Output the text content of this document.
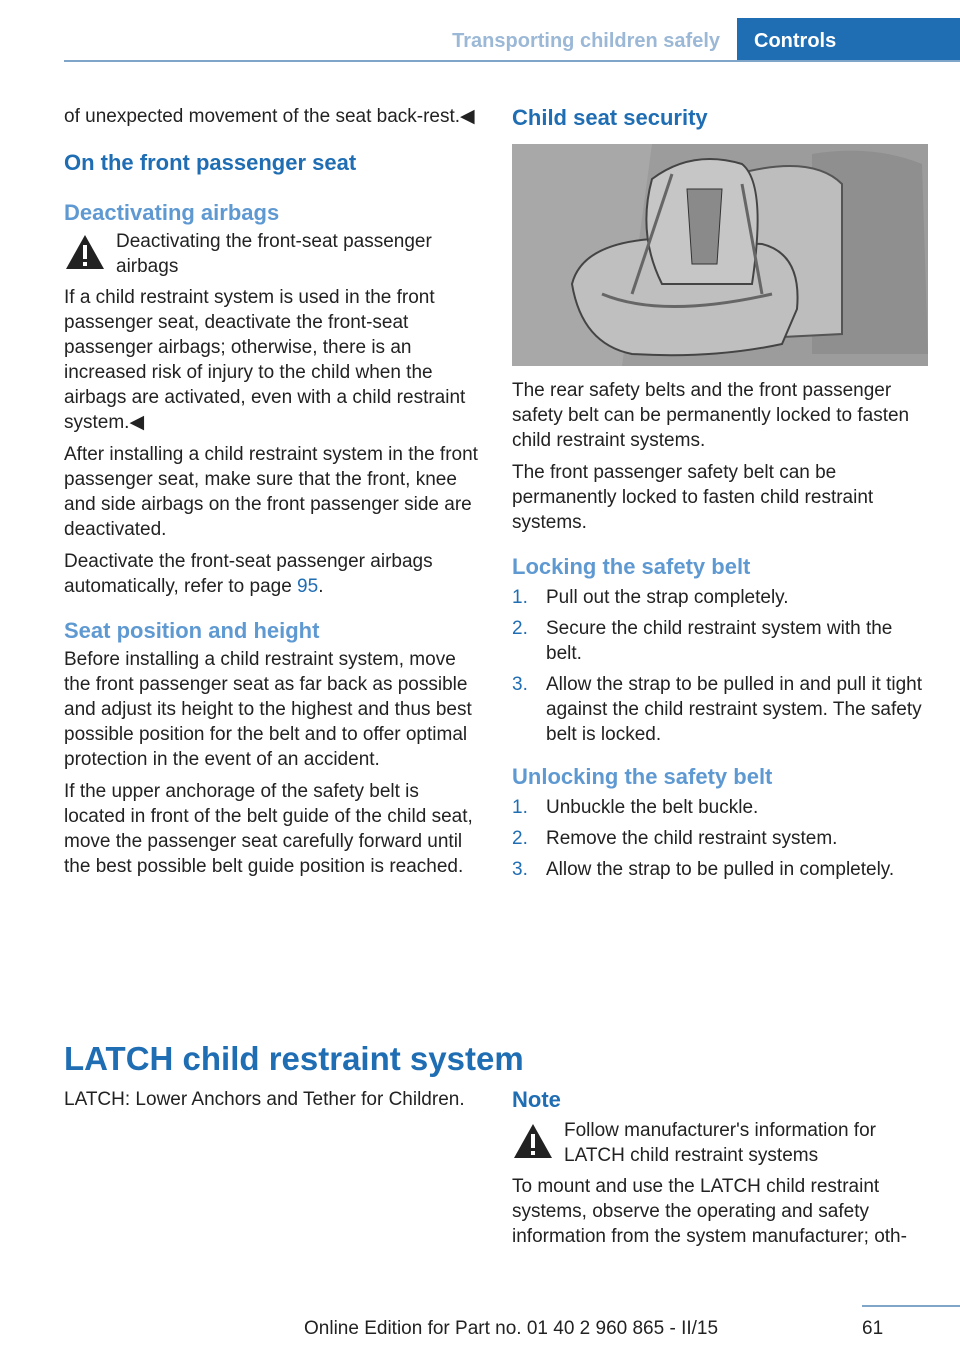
Transporting children safely	Controls

of unexpected movement of the seat back-rest.◀

On the front passenger seat
Deactivating airbags
Deactivating the front-seat passenger airbags

If a child restraint system is used in the front passenger seat, deactivate the front-seat passenger airbags; otherwise, there is an increased risk of injury to the child when the airbags are activated, even with a child restraint system.◀

After installing a child restraint system in the front passenger seat, make sure that the front, knee and side airbags on the front passenger side are deactivated.

Deactivate the front-seat passenger airbags automatically, refer to page 95.

Seat position and height

Before installing a child restraint system, move the front passenger seat as far back as possible and adjust its height to the highest and thus best possible position for the belt and to offer optimal protection in the event of an accident.

If the upper anchorage of the safety belt is located in front of the belt guide of the child seat, move the passenger seat carefully forward until the best possible belt guide position is reached.

Child seat security

The rear safety belts and the front passenger safety belt can be permanently locked to fasten child restraint systems.

The front passenger safety belt can be permanently locked to fasten child restraint systems.

Locking the safety belt
1. Pull out the strap completely.
2. Secure the child restraint system with the belt.
3. Allow the strap to be pulled in and pull it tight against the child restraint system. The safety belt is locked.
Unlocking the safety belt
1. Unbuckle the belt buckle.
2. Remove the child restraint system.
3. Allow the strap to be pulled in completely.
LATCH child restraint system

LATCH: Lower Anchors and Tether for Children.	Note
Follow manufacturer's information for LATCH child restraint systems

To mount and use the LATCH child restraint systems, observe the operating and safety information from the system manufacturer; oth-

Online Edition for Part no. 01 40 2 960 865 - II/15	61
